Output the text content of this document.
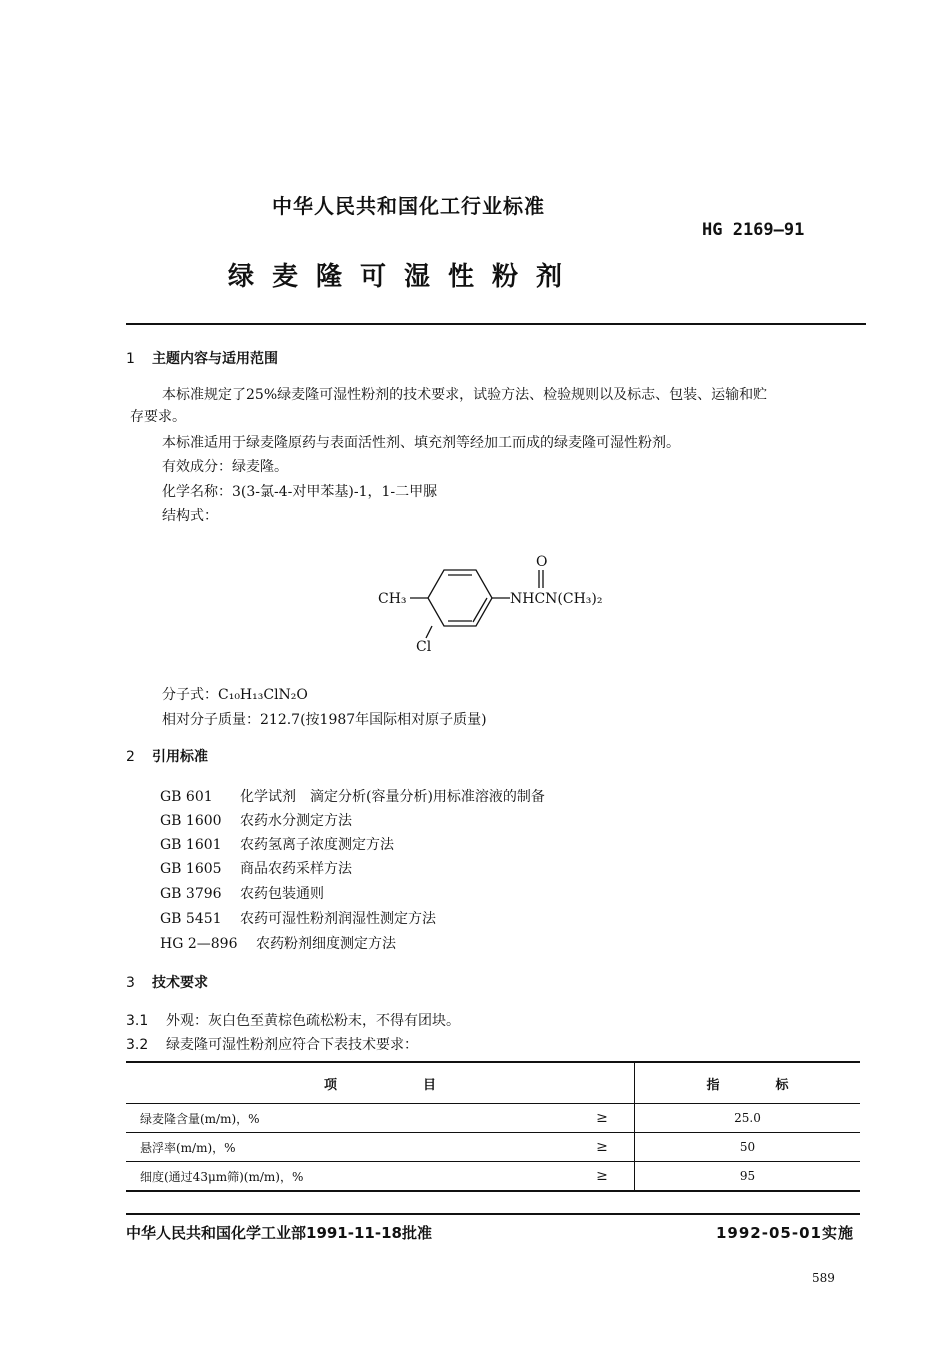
中华人民共和国化工行业标准
HG 2169—91
绿麦隆可湿性粉剂
1 主题内容与适用范围
本标准规定了25%绿麦隆可湿性粉剂的技术要求，试验方法、检验规则以及标志、包装、运输和贮
存要求。
本标准适用于绿麦隆原药与表面活性剂、填充剂等经加工而成的绿麦隆可湿性粉剂。
有效成分：绿麦隆。
化学名称：3(3-氯-4-对甲苯基)-1，1-二甲脲
结构式：
O
CH₃	NHCN(CH₃)₂
Cl
分子式：C₁₀H₁₃ClN₂O
相对分子质量：212.7(按1987年国际相对原子质量)
2 引用标准
GB 601 化学试剂　滴定分析(容量分析)用标准溶液的制备
GB 1600 农药水分测定方法
GB 1601 农药氢离子浓度测定方法
GB 1605 商品农药采样方法
GB 3796 农药包装通则
GB 5451 农药可湿性粉剂润湿性测定方法
HG 2—896 农药粉剂细度测定方法
3 技术要求
3.1 外观：灰白色至黄棕色疏松粉末，不得有团块。
3.2 绿麦隆可湿性粉剂应符合下表技术要求：
项 目		指 标
绿麦隆含量(m/m)，%	≥	25.0
悬浮率(m/m)，%	≥	50
细度(通过43μm筛)(m/m)，%	≥	95
中华人民共和国化学工业部1991-11-18批准	1992-05-01实施
589
